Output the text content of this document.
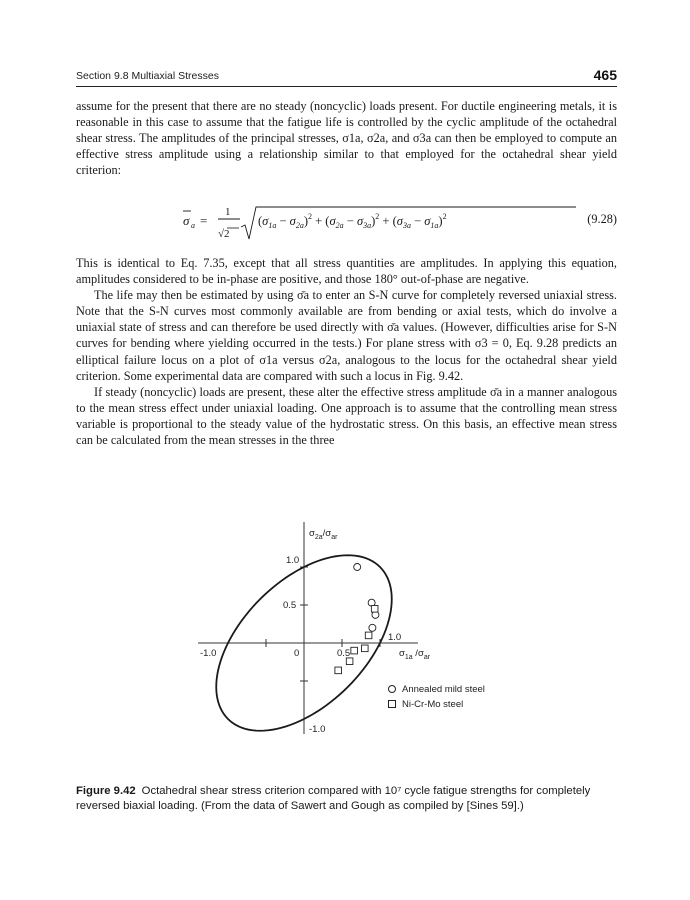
Section 9.8 Multiaxial Stresses	465

assume for the present that there are no steady (noncyclic) loads present. For ductile engineering metals, it is reasonable in this case to assume that the fatigue life is controlled by the cyclic amplitude of the octahedral shear stress. The amplitudes of the principal stresses, σ1a, σ2a, and σ3a can then be employed to compute an effective stress amplitude using a relationship similar to that employed for the octahedral shear yield criterion:

σ a =
1
√2
$(\sigma_{1a} - \sigma_{2a})^2 + (\sigma_{2a} - \sigma_{3a})^2 + (\sigma_{3a} - \sigma_{1a})^2$	(9.28)

This is identical to Eq. 7.35, except that all stress quantities are amplitudes. In applying this equation, amplitudes considered to be in-phase are positive, and those 180° out-of-phase are negative.

The life may then be estimated by using σ̄a to enter an S-N curve for completely reversed uniaxial stress. Note that the S-N curves most commonly available are from bending or axial tests, which do involve a uniaxial state of stress and can therefore be used directly with σ̄a values. (However, difficulties arise for S-N curves for bending where yielding occurred in the tests.) For plane stress with σ3 = 0, Eq. 9.28 predicts an elliptical failure locus on a plot of σ1a versus σ2a, analogous to the locus for the octahedral shear yield criterion. Some experimental data are compared with such a locus in Fig. 9.42.

If steady (noncyclic) loads are present, these alter the effective stress amplitude σ̄a in a manner analogous to the mean stress effect under uniaxial loading. One approach is to assume that the controlling mean stress variable is proportional to the steady value of the hydrostatic stress. On this basis, an effective mean stress can be calculated from the mean stresses in the three

$\sigma_{2a}/\sigma_{ar}$
$\sigma_{1a}$ $/\sigma_{ar}$
1.0
0.5
-1.0	0	0.5
1.0
-1.0
Annealed mild steel
Ni-Cr-Mo steel

Figure 9.42 Octahedral shear stress criterion compared with 10⁷ cycle fatigue strengths for completely reversed biaxial loading. (From the data of Sawert and Gough as compiled by [Sines 59].)
